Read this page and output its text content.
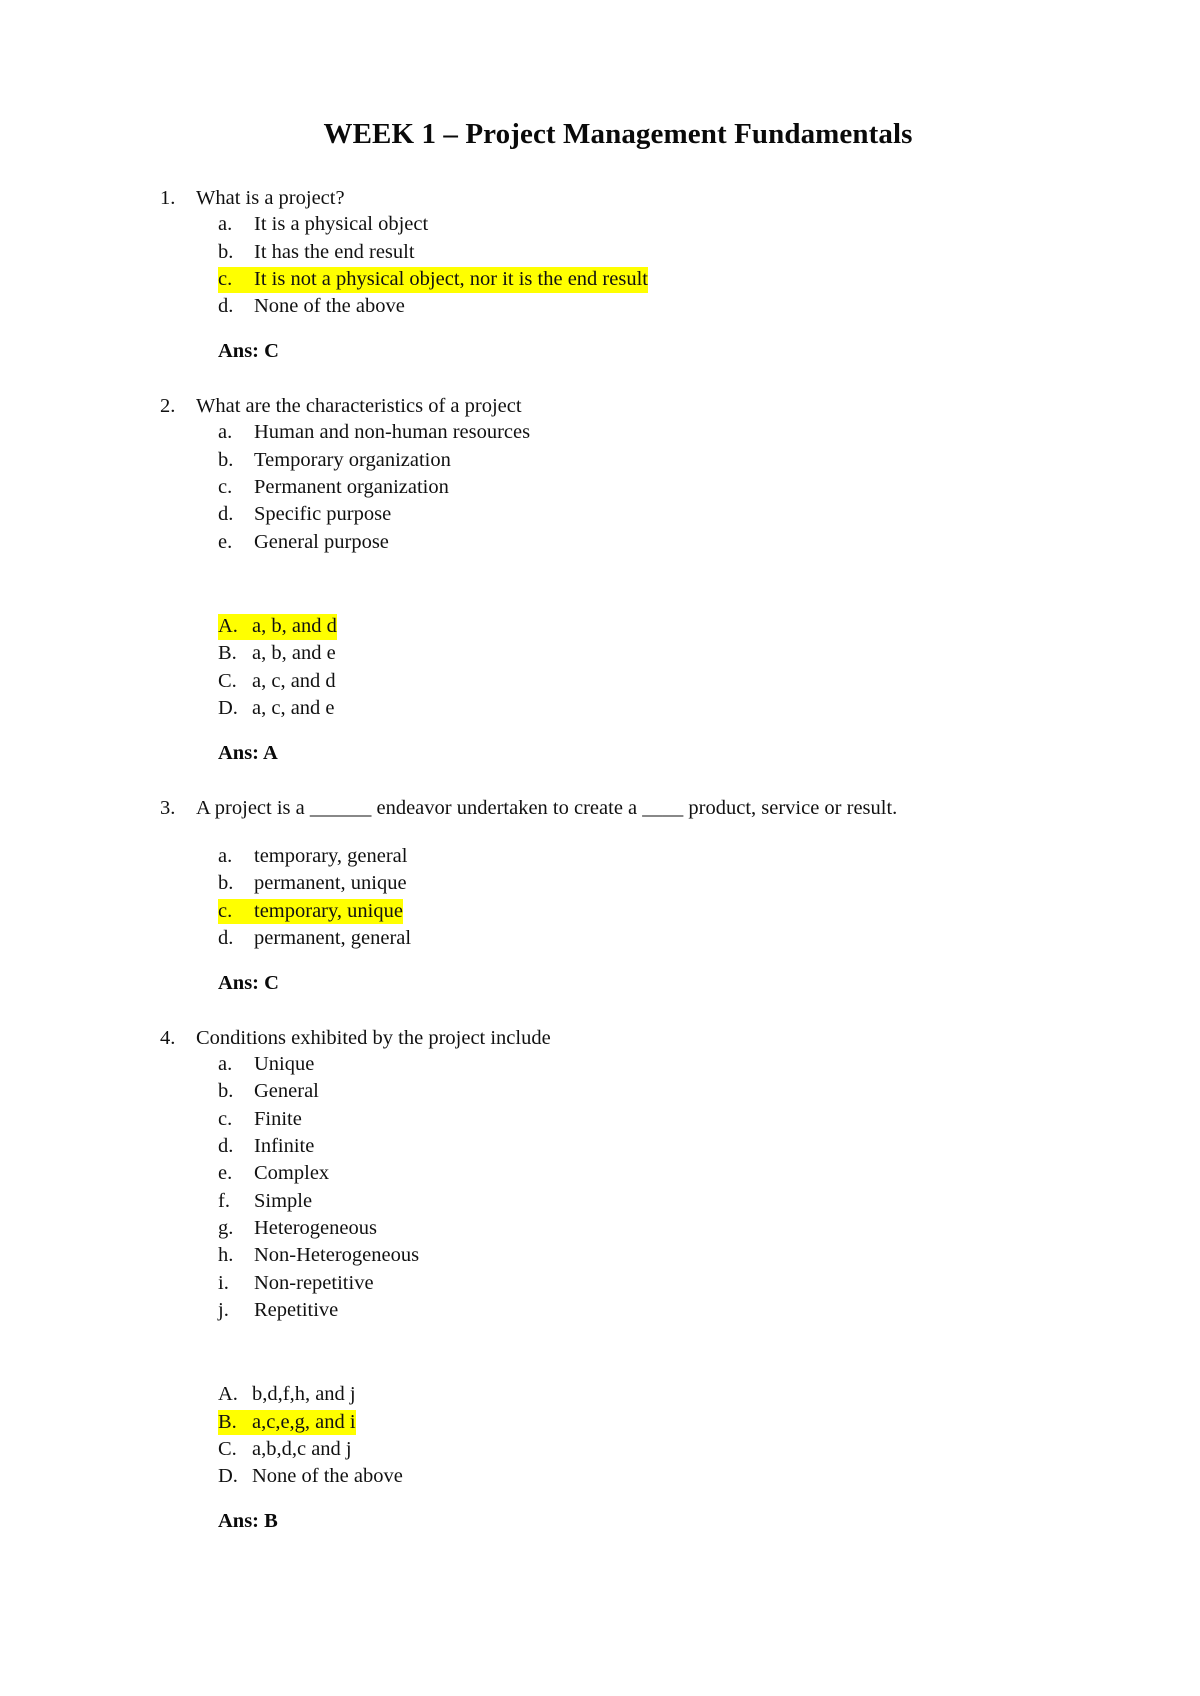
WEEK 1 – Project Management Fundamentals
1.	What is a project?
a.	It is a physical object
b.	It has the end result
c.	It is not a physical object, nor it is the end result
d.	None of the above
Ans: C
2.	What are the characteristics of a project
a.	Human and non-human resources
b.	Temporary organization
c.	Permanent organization
d.	Specific purpose
e.	General purpose
A. a, b, and d
B. a, b, and e
C. a, c, and d
D. a, c, and e
Ans: A
3.	A project is a ______ endeavor undertaken to create a ____ product, service or result.
a.	temporary, general
b.	permanent, unique
c.	temporary, unique
d.	permanent, general
Ans: C
4.	Conditions exhibited by the project include
a.	Unique
b.	General
c.	Finite
d.	Infinite
e.	Complex
f.	Simple
g.	Heterogeneous
h.	Non-Heterogeneous
i.	Non-repetitive
j.	Repetitive
A. b,d,f,h, and j
B. a,c,e,g, and i
C. a,b,d,c and j
D. None of the above
Ans: B
